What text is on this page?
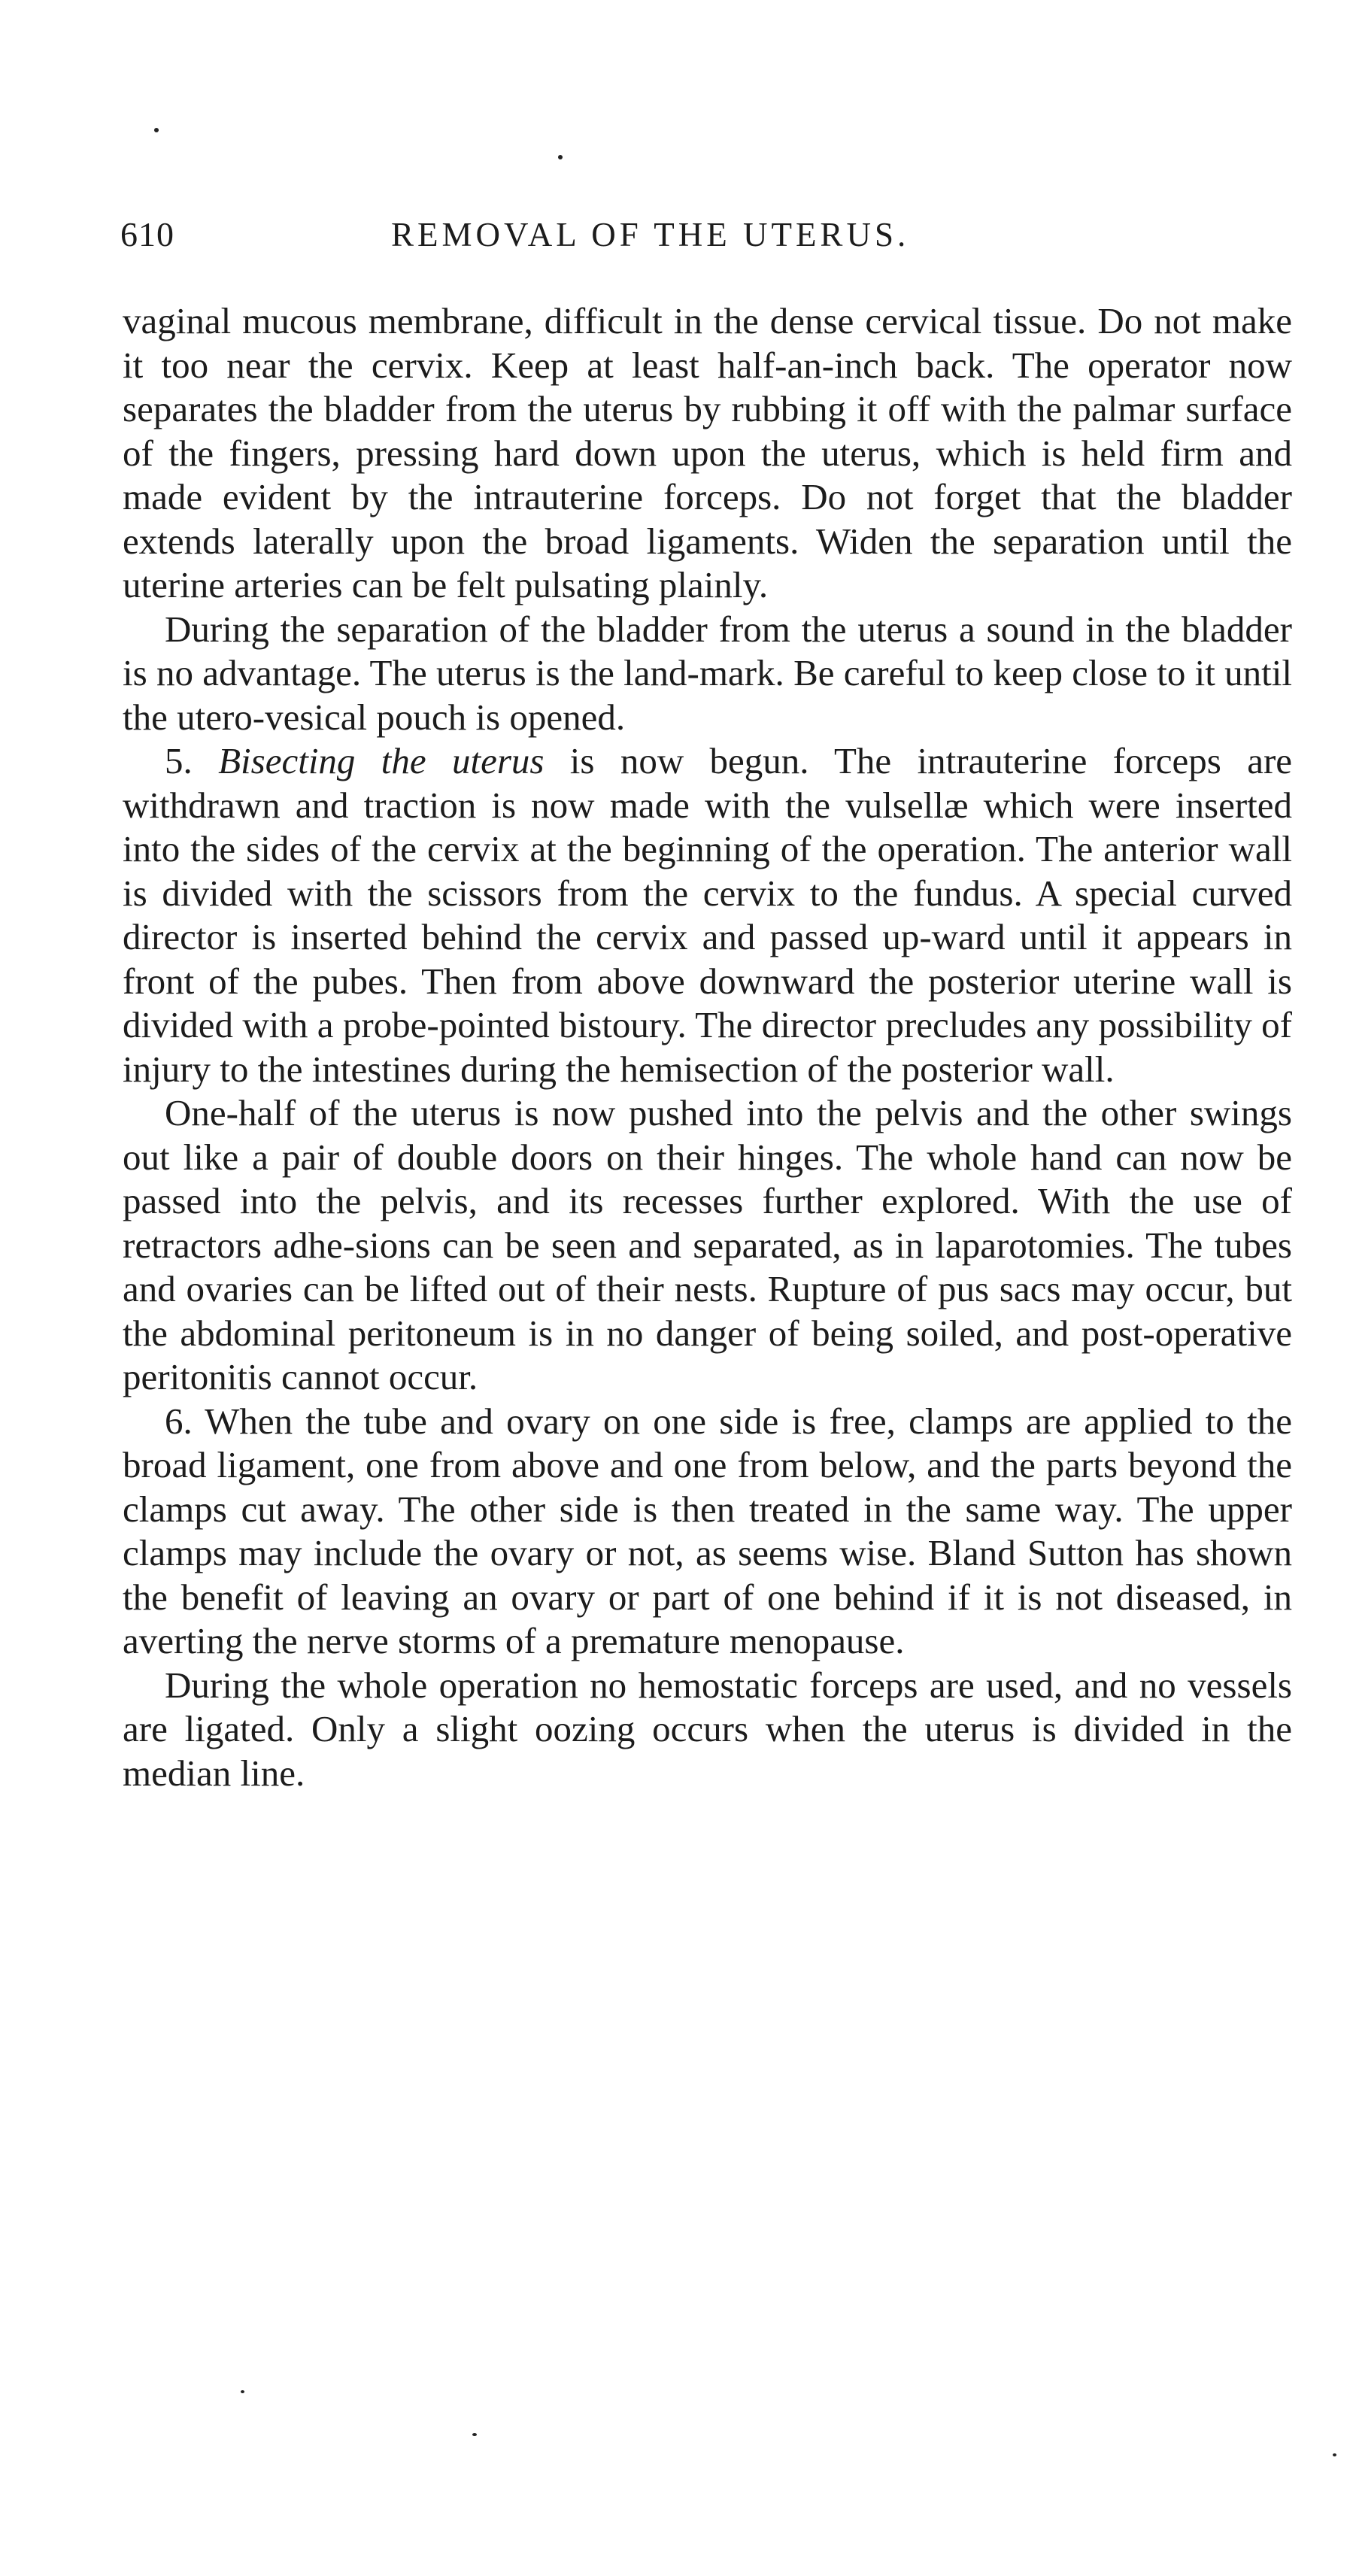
610	REMOVAL OF THE UTERUS.

vaginal mucous membrane, difficult in the dense cervical tissue. Do not make it too near the cervix. Keep at least half-an-inch back. The operator now separates the bladder from the uterus by rubbing it off with the palmar surface of the fingers, pressing hard down upon the uterus, which is held firm and made evident by the intrauterine forceps. Do not forget that the bladder extends laterally upon the broad ligaments. Widen the separation until the uterine arteries can be felt pulsating plainly.

During the separation of the bladder from the uterus a sound in the bladder is no advantage. The uterus is the land-mark. Be careful to keep close to it until the utero-vesical pouch is opened.

5. Bisecting the uterus is now begun. The intrauterine forceps are withdrawn and traction is now made with the vulsellæ which were inserted into the sides of the cervix at the beginning of the operation. The anterior wall is divided with the scissors from the cervix to the fundus. A special curved director is inserted behind the cervix and passed up-ward until it appears in front of the pubes. Then from above downward the posterior uterine wall is divided with a probe-pointed bistoury. The director precludes any possibility of injury to the intestines during the hemisection of the posterior wall.

One-half of the uterus is now pushed into the pelvis and the other swings out like a pair of double doors on their hinges. The whole hand can now be passed into the pelvis, and its recesses further explored. With the use of retractors adhe-sions can be seen and separated, as in laparotomies. The tubes and ovaries can be lifted out of their nests. Rupture of pus sacs may occur, but the abdominal peritoneum is in no danger of being soiled, and post-operative peritonitis cannot occur.

6. When the tube and ovary on one side is free, clamps are applied to the broad ligament, one from above and one from below, and the parts beyond the clamps cut away. The other side is then treated in the same way. The upper clamps may include the ovary or not, as seems wise. Bland Sutton has shown the benefit of leaving an ovary or part of one behind if it is not diseased, in averting the nerve storms of a premature menopause.

During the whole operation no hemostatic forceps are used, and no vessels are ligated. Only a slight oozing occurs when the uterus is divided in the median line.
